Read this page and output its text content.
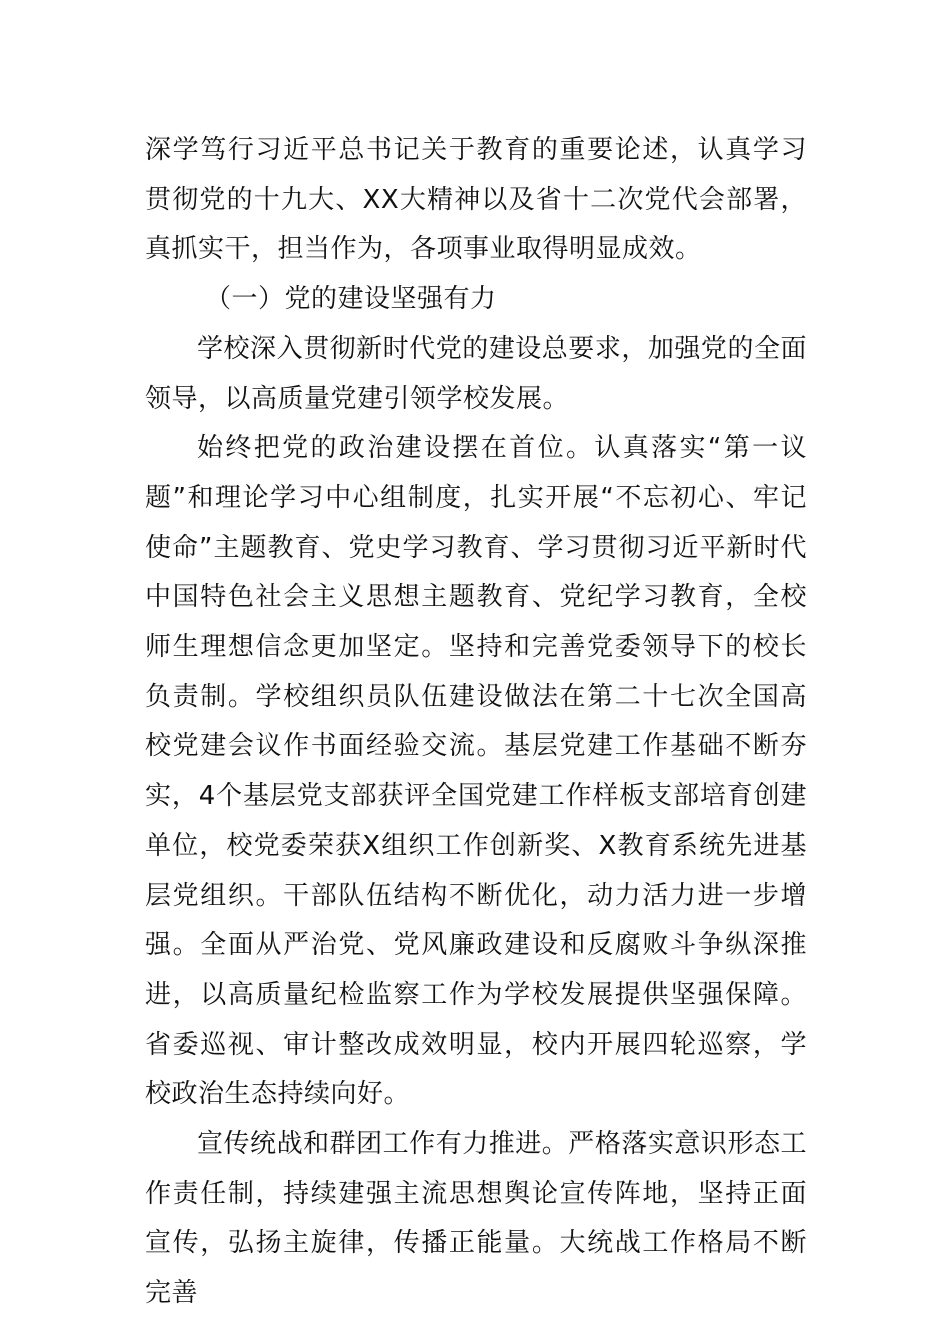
深学笃行习近平总书记关于教育的重要论述，认真学习贯彻党的十九大、XX大精神以及省十二次党代会部署，真抓实干，担当作为，各项事业取得明显成效。

（一）党的建设坚强有力

学校深入贯彻新时代党的建设总要求，加强党的全面领导，以高质量党建引领学校发展。

始终把党的政治建设摆在首位。认真落实“第一议题”和理论学习中心组制度，扎实开展“不忘初心、牢记使命”主题教育、党史学习教育、学习贯彻习近平新时代中国特色社会主义思想主题教育、党纪学习教育，全校师生理想信念更加坚定。坚持和完善党委领导下的校长负责制。学校组织员队伍建设做法在第二十七次全国高校党建会议作书面经验交流。基层党建工作基础不断夯实，4个基层党支部获评全国党建工作样板支部培育创建单位，校党委荣获X组织工作创新奖、X教育系统先进基层党组织。干部队伍结构不断优化，动力活力进一步增强。全面从严治党、党风廉政建设和反腐败斗争纵深推进，以高质量纪检监察工作为学校发展提供坚强保障。省委巡视、审计整改成效明显，校内开展四轮巡察，学校政治生态持续向好。

宣传统战和群团工作有力推进。严格落实意识形态工作责任制，持续建强主流思想舆论宣传阵地，坚持正面宣传，弘扬主旋律，传播正能量。大统战工作格局不断完善
